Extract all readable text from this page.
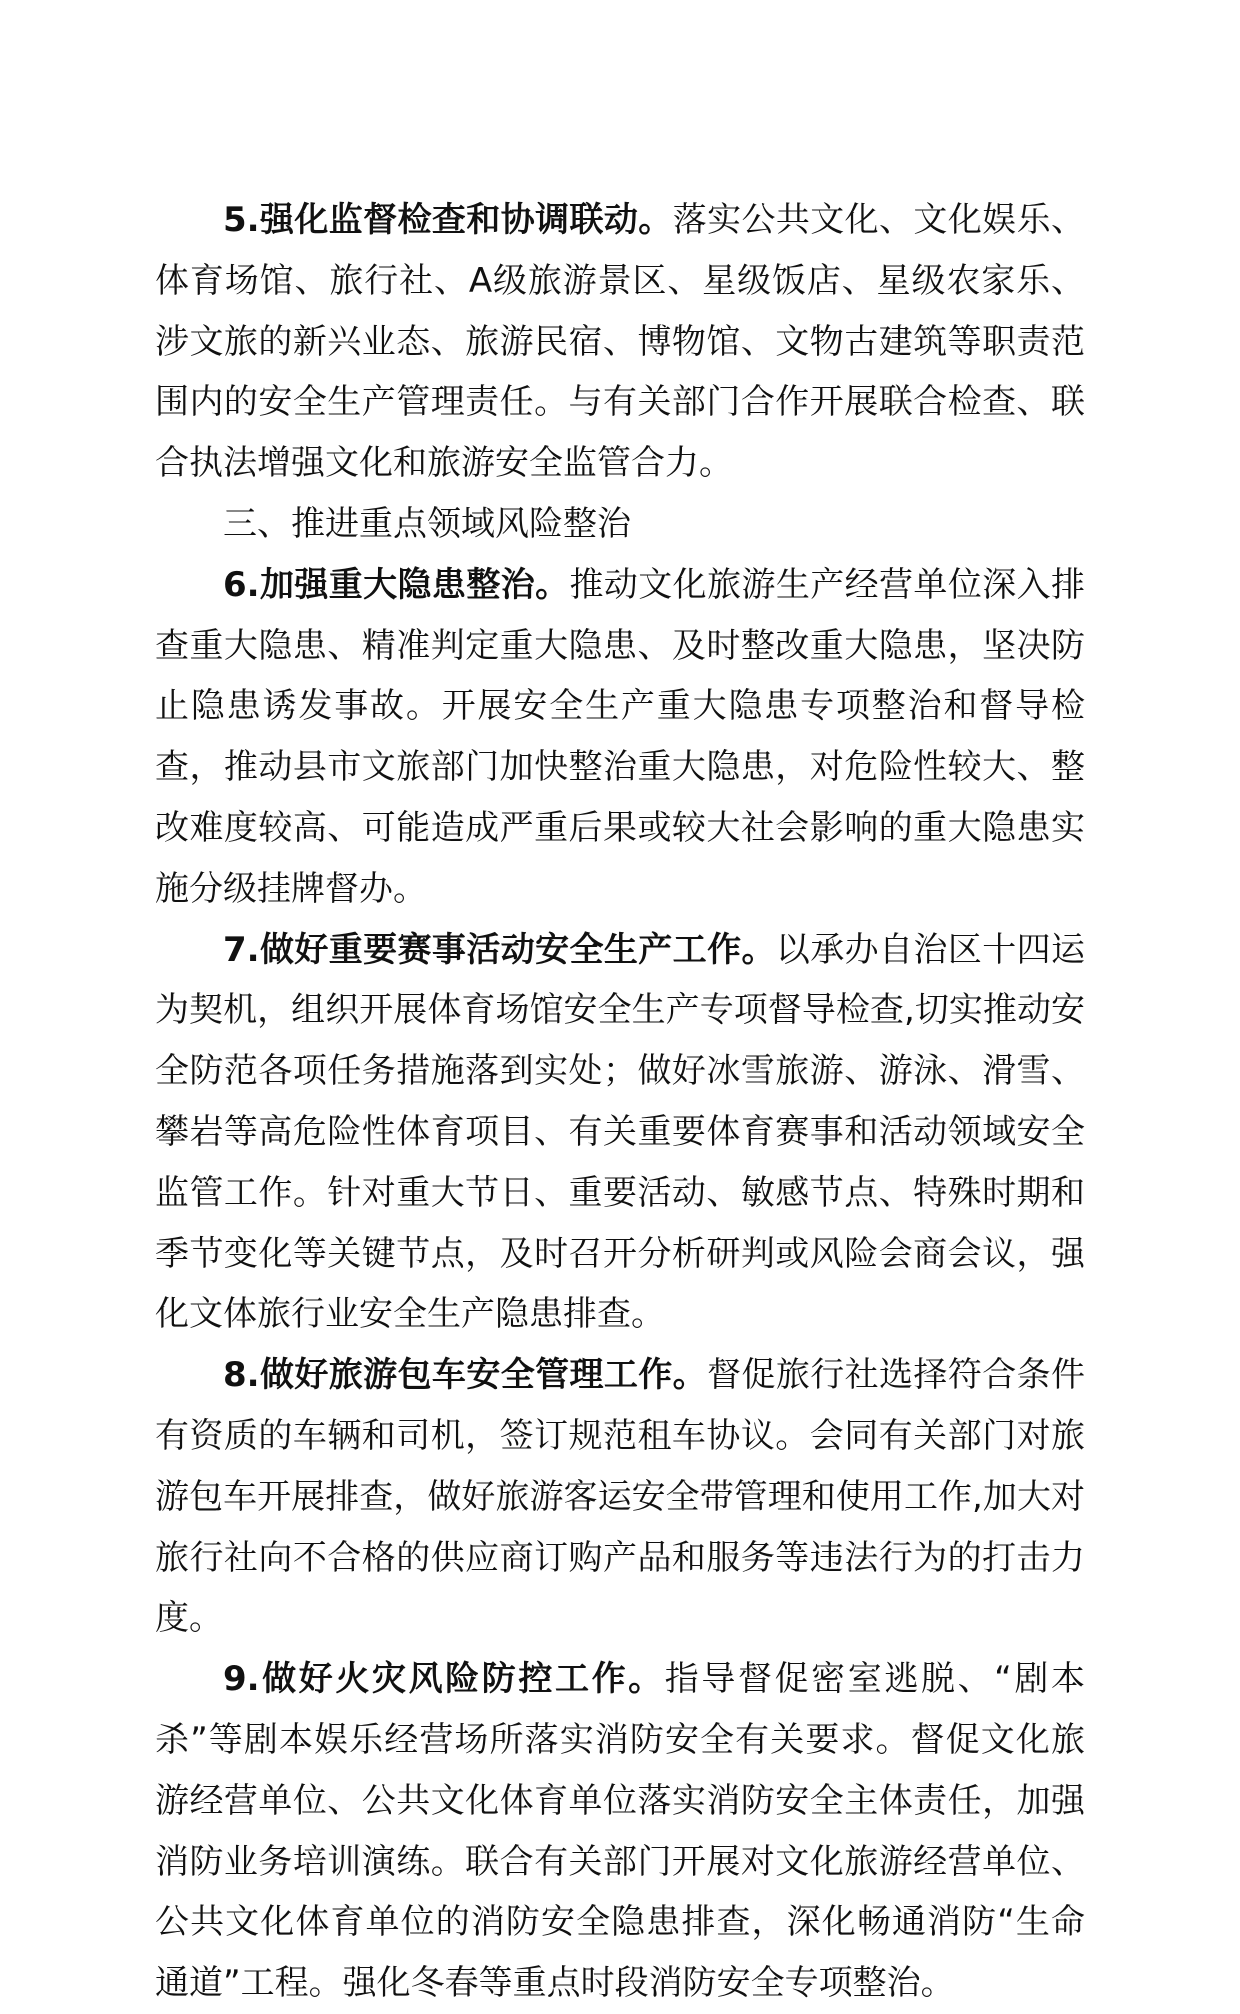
5.强化监督检查和协调联动。落实公共文化、文化娱乐、体育场馆、旅行社、A级旅游景区、星级饭店、星级农家乐、涉文旅的新兴业态、旅游民宿、博物馆、文物古建筑等职责范围内的安全生产管理责任。与有关部门合作开展联合检查、联合执法增强文化和旅游安全监管合力。

三、推进重点领域风险整治

6.加强重大隐患整治。推动文化旅游生产经营单位深入排查重大隐患、精准判定重大隐患、及时整改重大隐患，坚决防止隐患诱发事故。开展安全生产重大隐患专项整治和督导检查，推动县市文旅部门加快整治重大隐患，对危险性较大、整改难度较高、可能造成严重后果或较大社会影响的重大隐患实施分级挂牌督办。

7.做好重要赛事活动安全生产工作。以承办自治区十四运为契机，组织开展体育场馆安全生产专项督导检查,切实推动安全防范各项任务措施落到实处；做好冰雪旅游、游泳、滑雪、攀岩等高危险性体育项目、有关重要体育赛事和活动领域安全监管工作。针对重大节日、重要活动、敏感节点、特殊时期和季节变化等关键节点，及时召开分析研判或风险会商会议，强化文体旅行业安全生产隐患排查。

8.做好旅游包车安全管理工作。督促旅行社选择符合条件有资质的车辆和司机，签订规范租车协议。会同有关部门对旅游包车开展排查，做好旅游客运安全带管理和使用工作,加大对旅行社向不合格的供应商订购产品和服务等违法行为的打击力度。

9.做好火灾风险防控工作。指导督促密室逃脱、“剧本杀”等剧本娱乐经营场所落实消防安全有关要求。督促文化旅游经营单位、公共文化体育单位落实消防安全主体责任，加强消防业务培训演练。联合有关部门开展对文化旅游经营单位、公共文化体育单位的消防安全隐患排查，深化畅通消防“生命通道”工程。强化冬春等重点时段消防安全专项整治。
